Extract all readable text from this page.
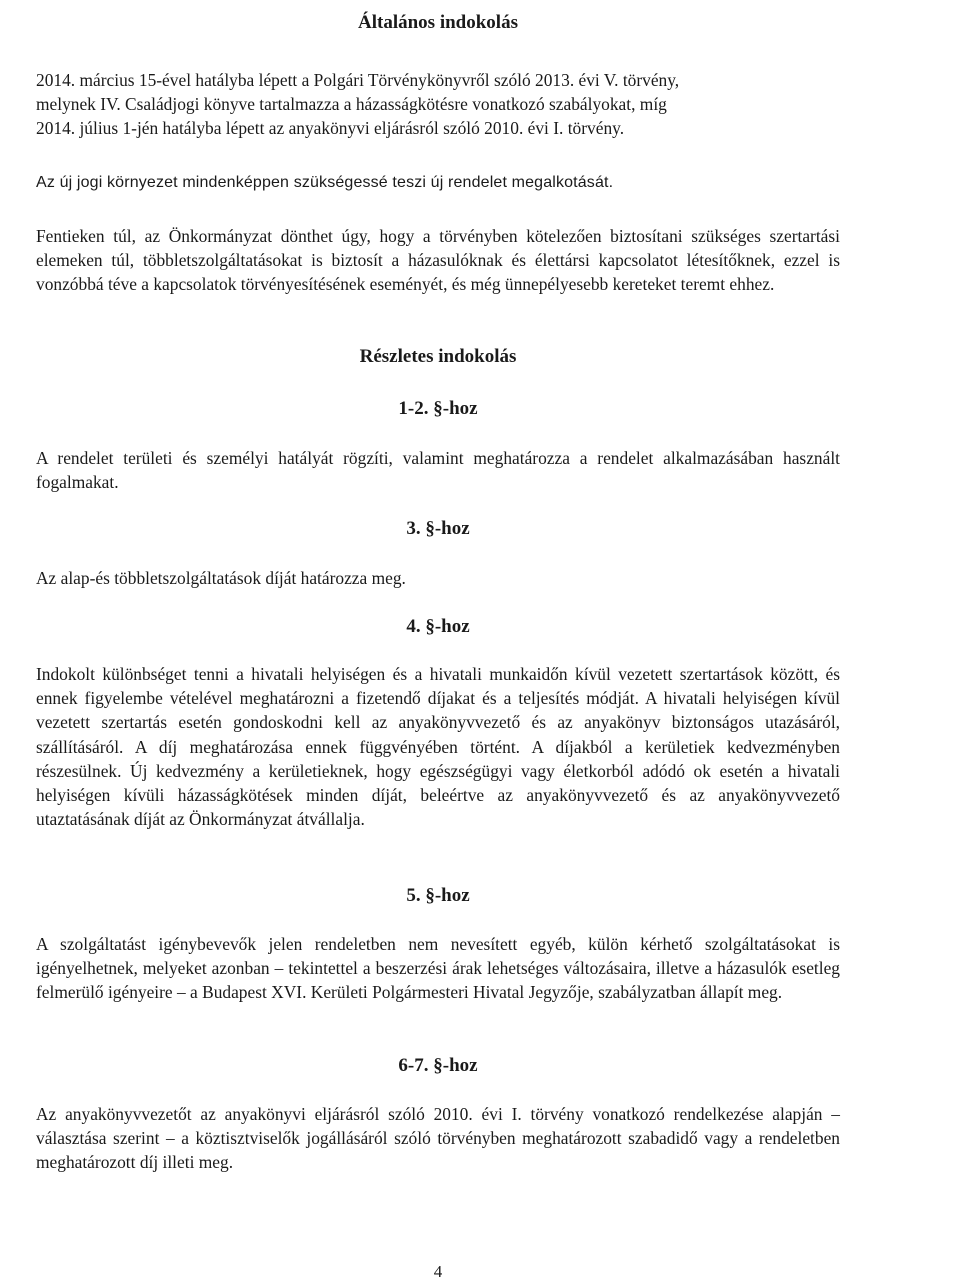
Általános indokolás

2014. március 15-ével hatályba lépett a Polgári Törvénykönyvről szóló 2013. évi V. törvény,

melynek IV. Családjogi könyve tartalmazza a házasságkötésre vonatkozó szabályokat, míg

2014. július 1-jén hatályba lépett az anyakönyvi eljárásról szóló 2010. évi I. törvény.

Az új jogi környezet mindenképpen szükségessé teszi új rendelet megalkotását.

Fentieken túl, az Önkormányzat dönthet úgy, hogy a törvényben kötelezően biztosítani szükséges szertartási elemeken túl, többletszolgáltatásokat is biztosít a házasulóknak és élettársi kapcsolatot létesítőknek, ezzel is vonzóbbá téve a kapcsolatok törvényesítésének eseményét, és még ünnepélyesebb kereteket teremt ehhez.

Részletes indokolás
1-2. §-hoz

A rendelet területi és személyi hatályát rögzíti, valamint meghatározza a rendelet alkalmazásában használt fogalmakat.

3. §-hoz

Az alap-és többletszolgáltatások díját határozza meg.

4. §-hoz

Indokolt különbséget tenni a hivatali helyiségen és a hivatali munkaidőn kívül vezetett szertartások között, és ennek figyelembe vételével meghatározni a fizetendő díjakat és a teljesítés módját. A hivatali helyiségen kívül vezetett szertartás esetén gondoskodni kell az anyakönyvvezető és az anyakönyv biztonságos utazásáról, szállításáról. A díj meghatározása ennek függvényében történt. A díjakból a kerületiek kedvezményben részesülnek. Új kedvezmény a kerületieknek, hogy egészségügyi vagy életkorból adódó ok esetén a hivatali helyiségen kívüli házasságkötések minden díját, beleértve az anyakönyvvezető és az anyakönyvvezető utaztatásának díját az Önkormányzat átvállalja.

5. §-hoz

A szolgáltatást igénybevevők jelen rendeletben nem nevesített egyéb, külön kérhető szolgáltatásokat is igényelhetnek, melyeket azonban – tekintettel a beszerzési árak lehetséges változásaira, illetve a házasulók esetleg felmerülő igényeire – a Budapest XVI. Kerületi Polgármesteri Hivatal Jegyzője, szabályzatban állapít meg.

6-7. §-hoz

Az anyakönyvvezetőt az anyakönyvi eljárásról szóló 2010. évi I. törvény vonatkozó rendelkezése alapján – választása szerint – a köztisztviselők jogállásáról szóló törvényben meghatározott szabadidő vagy a rendeletben meghatározott díj illeti meg.

4
